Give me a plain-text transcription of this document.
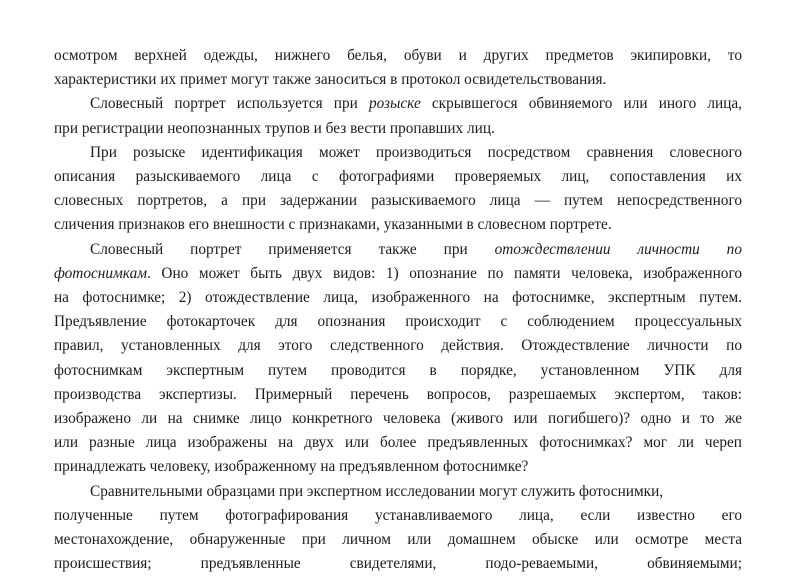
осмотром верхней одежды, нижнего белья, обуви и других предметов экипировки, то
характеристики их примет могут также заноситься в протокол освидетельствования.
Словесный портрет используется при розыске скрывшегося обвиняемого или иного лица,
при регистрации неопознанных трупов и без вести пропавших лиц.
При розыске идентификация может производиться посредством сравнения словесного
описания разыскиваемого лица с фотографиями проверяемых лиц, сопоставления их
словесных портретов, а при задержании разыскиваемого лица — путем непосредственного
сличения признаков его внешности с признаками, указанными в словесном портрете.
Словесный портрет применяется также при отождествлении личности по
фотоснимкам. Оно может быть двух видов: 1) опознание по памяти человека, изображенного
на фотоснимке; 2) отождествление лица, изображенного на фотоснимке, экспертным путем.
Предъявление фотокарточек для опознания происходит с соблюдением процессуальных
правил, установленных для этого следственного действия. Отождествление личности по
фотоснимкам экспертным путем проводится в порядке, установленном УПК для
производства экспертизы. Примерный перечень вопросов, разрешаемых экспертом, таков:
изображено ли на снимке лицо конкретного человека (живого или погибшего)? одно и то же
или разные лица изображены на двух или более предъявленных фотоснимках? мог ли череп
принадлежать человеку, изображенному на предъявленном фотоснимке?
Сравнительными образцами при экспертном исследовании могут служить фотоснимки,
полученные путем фотографирования устанавливаемого лица, если известно его
местонахождение, обнаруженные при личном или домашнем обыске или осмотре места
происшествия; предъявленные свидетелями, подо-реваемыми, обвиняемыми;
